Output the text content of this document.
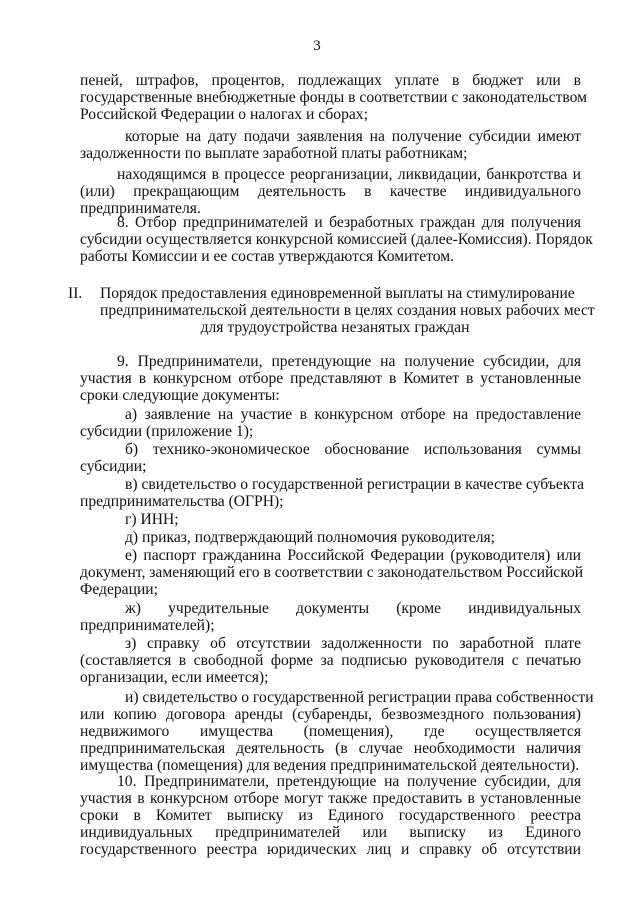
3
пеней, штрафов, процентов, подлежащих уплате в бюджет или в
государственные внебюджетные фонды в соответствии с законодательством
Российской Федерации о налогах и сборах;
которые на дату подачи заявления на получение субсидии имеют
задолженности по выплате заработной платы работникам;
находящимся в процессе реорганизации, ликвидации, банкротства и
(или) прекращающим деятельность в качестве индивидуального
предпринимателя.
8. Отбор предпринимателей и безработных граждан для получения
субсидии осуществляется конкурсной комиссией (далее-Комиссия). Порядок
работы Комиссии и ее состав утверждаются Комитетом.
II. Порядок предоставления единовременной выплаты на стимулирование
предпринимательской деятельности в целях создания новых рабочих мест
для трудоустройства незанятых граждан
9. Предприниматели, претендующие на получение субсидии, для
участия в конкурсном отборе представляют в Комитет в установленные
сроки следующие документы:
а) заявление на участие в конкурсном отборе на предоставление
субсидии (приложение 1);
б) технико-экономическое обоснование использования суммы
субсидии;
в) свидетельство о государственной регистрации в качестве субъекта
предпринимательства (ОГРН);
г) ИНН;
д) приказ, подтверждающий полномочия руководителя;
е) паспорт гражданина Российской Федерации (руководителя) или
документ, заменяющий его в соответствии с законодательством Российской
Федерации;
ж) учредительные документы (кроме индивидуальных
предпринимателей);
з) справку об отсутствии задолженности по заработной плате
(составляется в свободной форме за подписью руководителя с печатью
организации, если имеется);
и) свидетельство о государственной регистрации права собственности
или копию договора аренды (субаренды, безвозмездного пользования)
недвижимого имущества (помещения), где осуществляется
предпринимательская деятельность (в случае необходимости наличия
имущества (помещения) для ведения предпринимательской деятельности).
10. Предприниматели, претендующие на получение субсидии, для
участия в конкурсном отборе могут также предоставить в установленные
сроки в Комитет выписку из Единого государственного реестра
индивидуальных предпринимателей или выписку из Единого
государственного реестра юридических лиц и справку об отсутствии
